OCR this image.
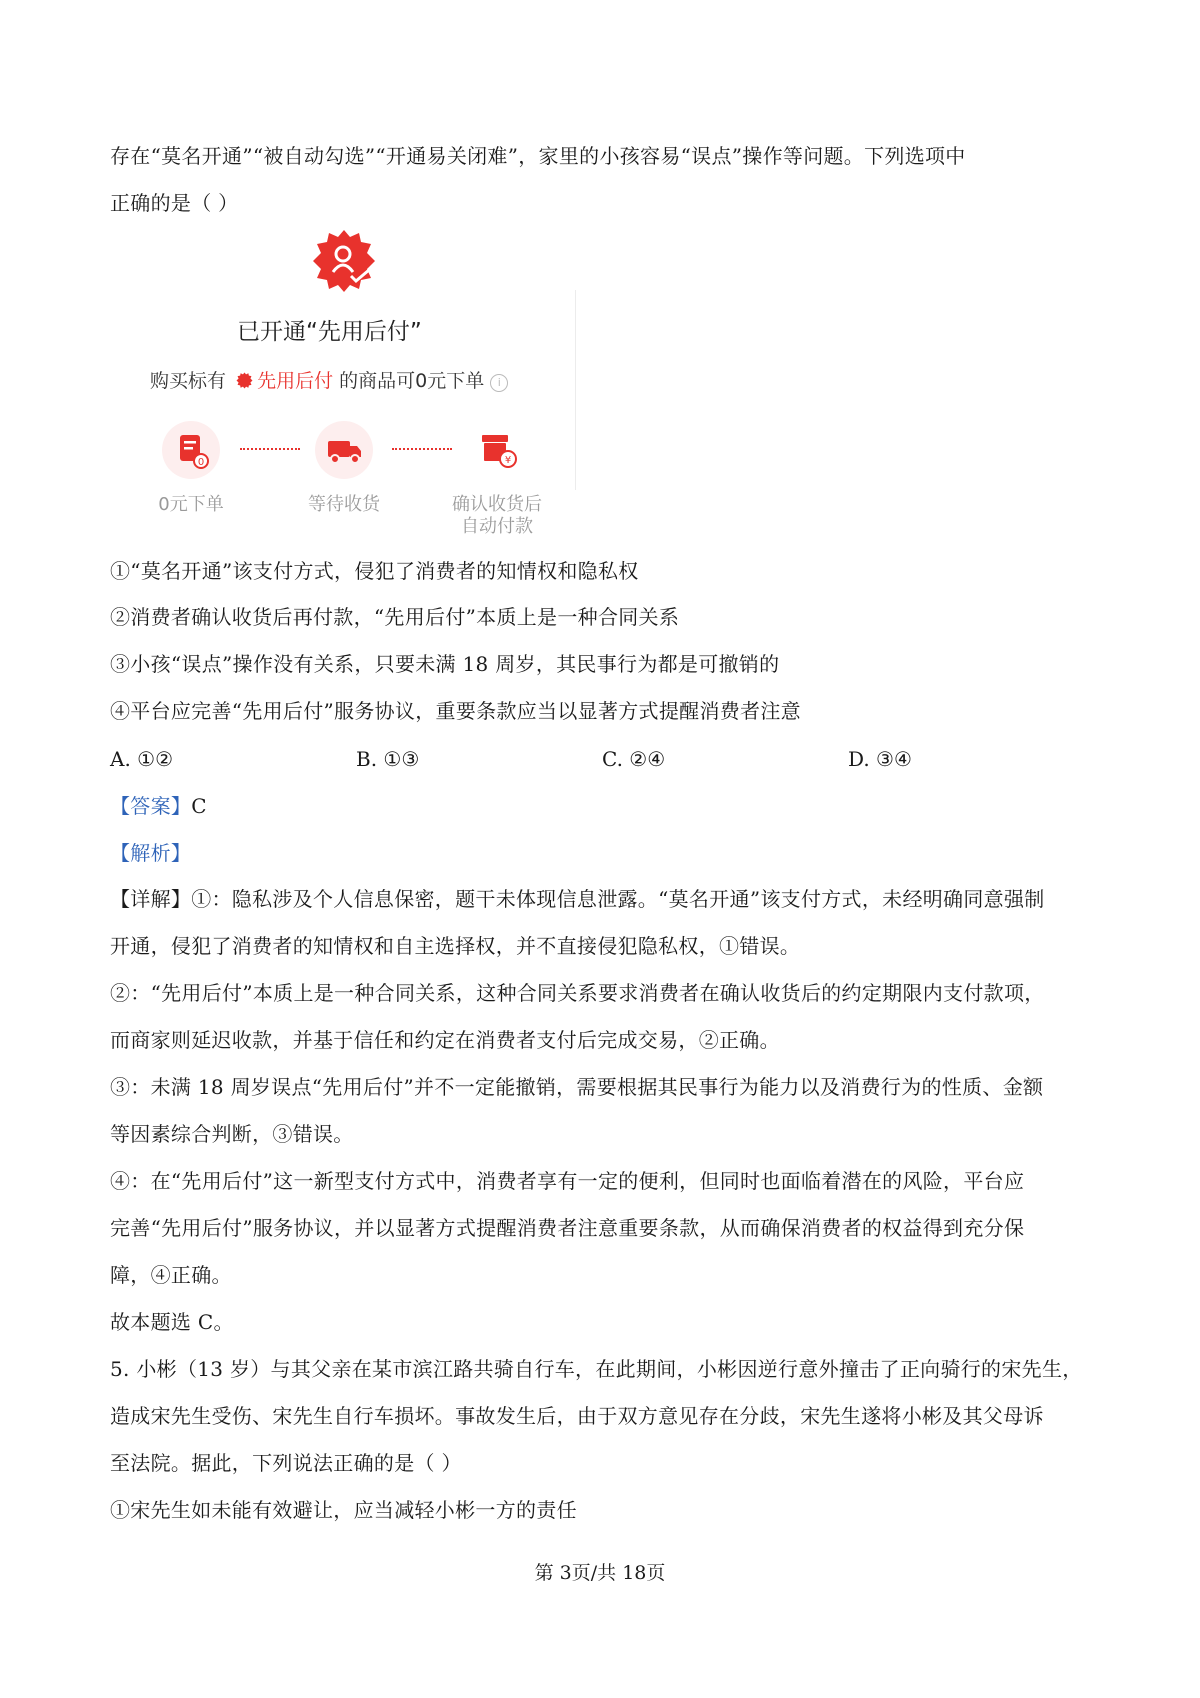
存在“莫名开通”“被自动勾选”“开通易关闭难”，家里的小孩容易“误点”操作等问题。下列选项中
正确的是（ ）
已开通“先用后付”
购买标有 先用后付 的商品可0元下单 i
0	¥
0元下单	等待收货	确认收货后
自动付款
①“莫名开通”该支付方式，侵犯了消费者的知情权和隐私权
②消费者确认收货后再付款，“先用后付”本质上是一种合同关系
③小孩“误点”操作没有关系，只要未满 18 周岁，其民事行为都是可撤销的
④平台应完善“先用后付”服务协议，重要条款应当以显著方式提醒消费者注意
A. ①②	B. ①③	C. ②④	D. ③④
【答案】C
【解析】
【详解】①：隐私涉及个人信息保密，题干未体现信息泄露。“莫名开通”该支付方式，未经明确同意强制
开通，侵犯了消费者的知情权和自主选择权，并不直接侵犯隐私权，①错误。
②：“先用后付”本质上是一种合同关系，这种合同关系要求消费者在确认收货后的约定期限内支付款项，
而商家则延迟收款，并基于信任和约定在消费者支付后完成交易，②正确。
③：未满 18 周岁误点“先用后付”并不一定能撤销，需要根据其民事行为能力以及消费行为的性质、金额
等因素综合判断，③错误。
④：在“先用后付”这一新型支付方式中，消费者享有一定的便利，但同时也面临着潜在的风险，平台应
完善“先用后付”服务协议，并以显著方式提醒消费者注意重要条款，从而确保消费者的权益得到充分保
障，④正确。
故本题选 C。
5. 小彬（13 岁）与其父亲在某市滨江路共骑自行车，在此期间，小彬因逆行意外撞击了正向骑行的宋先生，
造成宋先生受伤、宋先生自行车损坏。事故发生后，由于双方意见存在分歧，宋先生遂将小彬及其父母诉
至法院。据此，下列说法正确的是（ ）
①宋先生如未能有效避让，应当减轻小彬一方的责任
第 3页/共 18页
